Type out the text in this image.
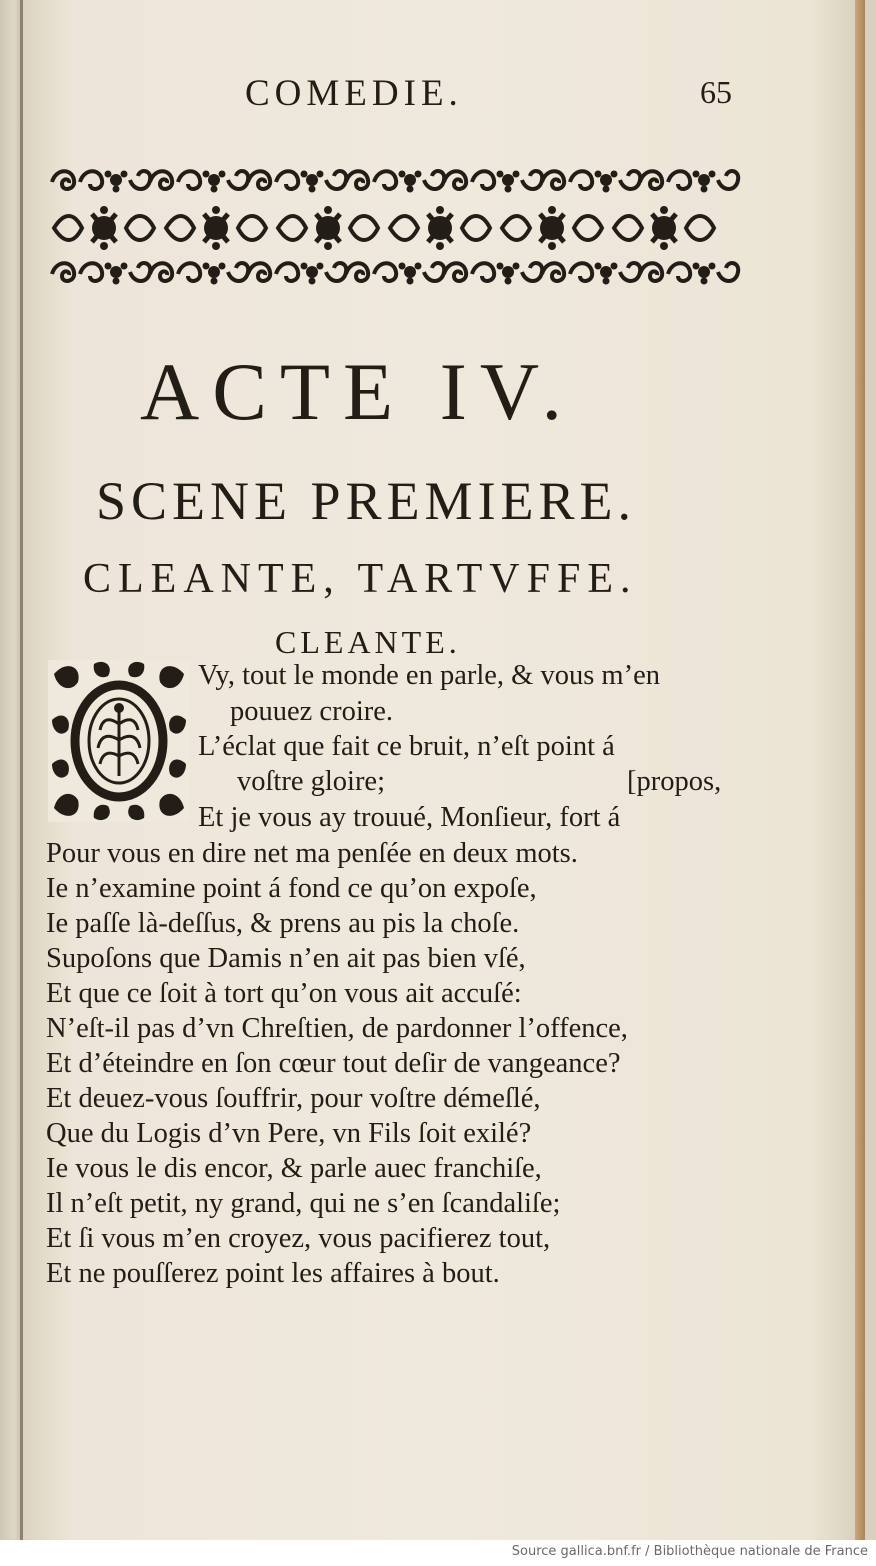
COMEDIE.	65
ACTE IV.
SCENE PREMIERE.
CLEANTE, TARTVFFE.
CLEANTE.
Vy, tout le monde en parle, & vous m’en
pouuez croire.
L’éclat que fait ce bruit, n’eſt point á
voſtre gloire;	[propos,
Et je vous ay trouué, Monſieur, fort á
Pour vous en dire net ma penſée en deux mots.
Ie n’examine point á fond ce qu’on expoſe,
Ie paſſe là-deſſus, & prens au pis la choſe.
Supoſons que Damis n’en ait pas bien vſé,
Et que ce ſoit à tort qu’on vous ait accuſé:
N’eſt-il pas d’vn Chreſtien, de pardonner l’offence,
Et d’éteindre en ſon cœur tout deſir de vangeance?
Et deuez-vous ſouffrir, pour voſtre démeſlé,
Que du Logis d’vn Pere, vn Fils ſoit exilé?
Ie vous le dis encor, & parle auec franchiſe,
Il n’eſt petit, ny grand, qui ne s’en ſcandaliſe;
Et ſi vous m’en croyez, vous pacifierez tout,
Et ne pouſſerez point les affaires à bout.
Source gallica.bnf.fr / Bibliothèque nationale de France
